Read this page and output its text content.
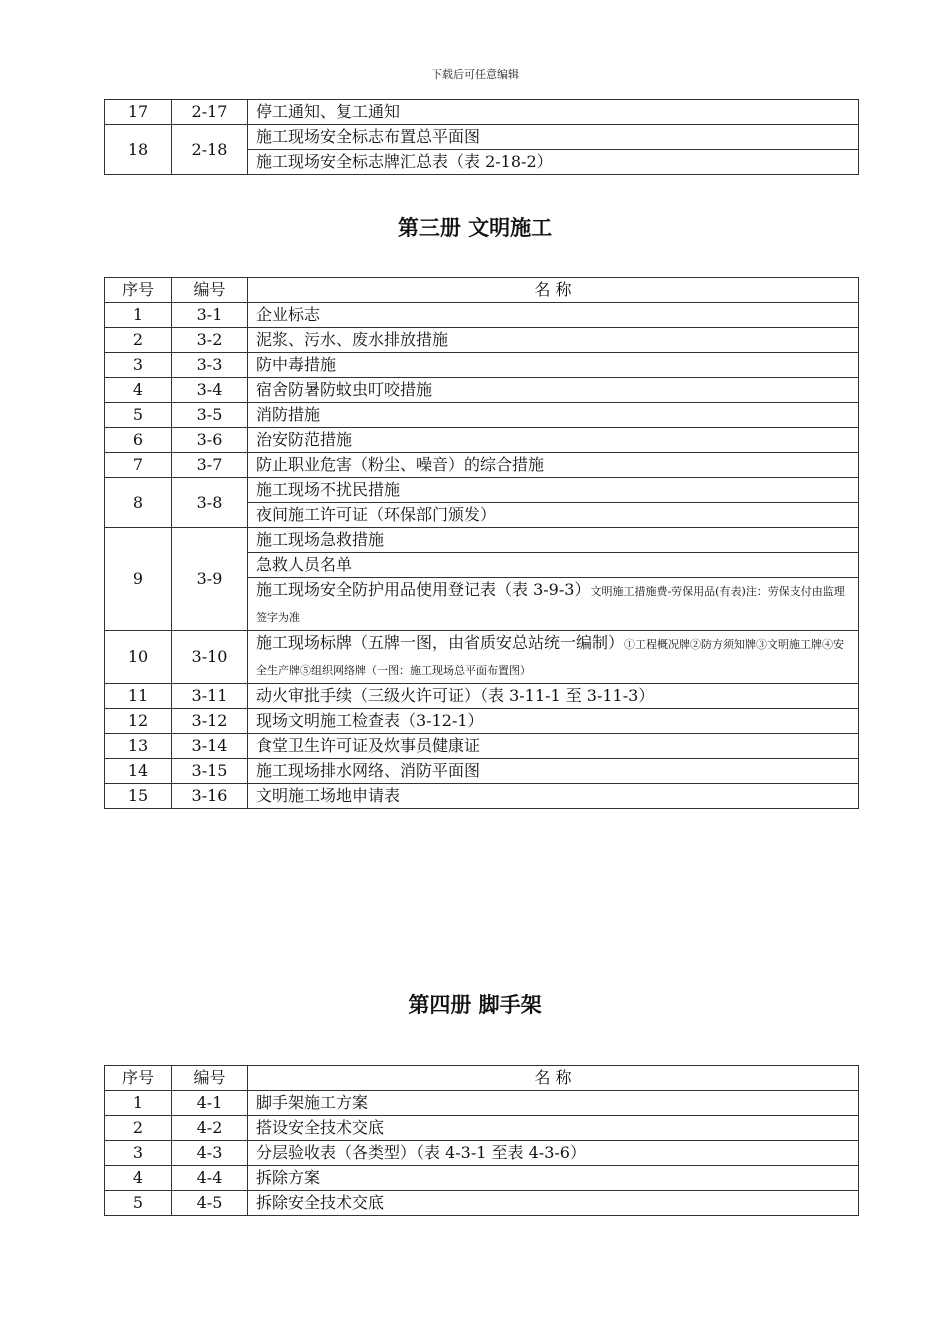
下载后可任意编辑
17	2-17	停工通知、复工通知
18	2-18	施工现场安全标志布置总平面图
		施工现场安全标志牌汇总表（表 2-18-2）
第三册 文明施工
序号	编号	名 称
1	3-1	企业标志
2	3-2	泥浆、污水、废水排放措施
3	3-3	防中毒措施
4	3-4	宿舍防暑防蚊虫叮咬措施
5	3-5	消防措施
6	3-6	治安防范措施
7	3-7	防止职业危害（粉尘、噪音）的综合措施
8	3-8	施工现场不扰民措施
		夜间施工许可证（环保部门颁发）
9	3-9	施工现场急救措施
		急救人员名单
		施工现场安全防护用品使用登记表（表 3-9-3）文明施工措施费-劳保用品(有表)注：劳保支付由监理签字为准
10	3-10	施工现场标牌（五牌一图，由省质安总站统一编制）①工程概况牌②防方须知牌③文明施工牌④安全生产牌⑤组织网络牌（一图：施工现场总平面布置图）
11	3-11	动火审批手续（三级火许可证）（表 3-11-1 至 3-11-3）
12	3-12	现场文明施工检查表（3-12-1）
13	3-14	食堂卫生许可证及炊事员健康证
14	3-15	施工现场排水网络、消防平面图
15	3-16	文明施工场地申请表
第四册 脚手架
序号	编号	名 称
1	4-1	脚手架施工方案
2	4-2	搭设安全技术交底
3	4-3	分层验收表（各类型）（表 4-3-1 至表 4-3-6）
4	4-4	拆除方案
5	4-5	拆除安全技术交底
